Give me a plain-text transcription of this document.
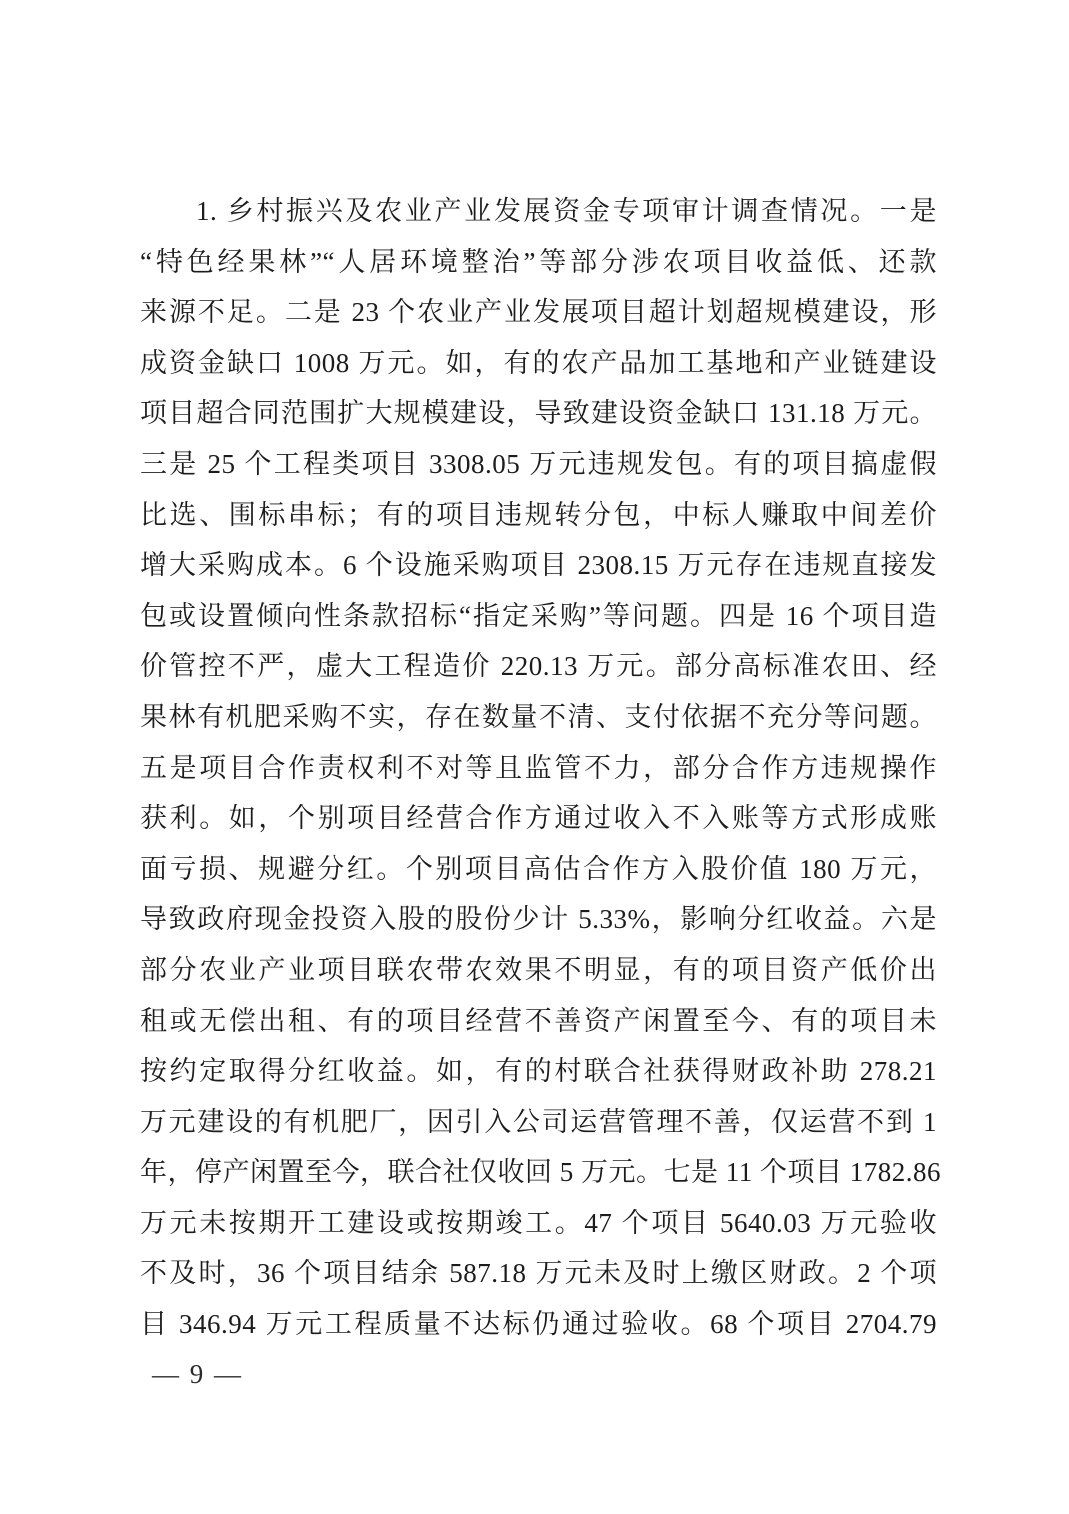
1. 乡村振兴及农业产业发展资金专项审计调查情况。一是
“特色经果林”“人居环境整治”等部分涉农项目收益低、还款
来源不足。二是 23 个农业产业发展项目超计划超规模建设，形
成资金缺口 1008 万元。如，有的农产品加工基地和产业链建设
项目超合同范围扩大规模建设，导致建设资金缺口 131.18 万元。
三是 25 个工程类项目 3308.05 万元违规发包。有的项目搞虚假
比选、围标串标；有的项目违规转分包，中标人赚取中间差价
增大采购成本。6 个设施采购项目 2308.15 万元存在违规直接发
包或设置倾向性条款招标“指定采购”等问题。四是 16 个项目造
价管控不严，虚大工程造价 220.13 万元。部分高标准农田、经
果林有机肥采购不实，存在数量不清、支付依据不充分等问题。
五是项目合作责权利不对等且监管不力，部分合作方违规操作
获利。如，个别项目经营合作方通过收入不入账等方式形成账
面亏损、规避分红。个别项目高估合作方入股价值 180 万元，
导致政府现金投资入股的股份少计 5.33%，影响分红收益。六是
部分农业产业项目联农带农效果不明显，有的项目资产低价出
租或无偿出租、有的项目经营不善资产闲置至今、有的项目未
按约定取得分红收益。如，有的村联合社获得财政补助 278.21
万元建设的有机肥厂，因引入公司运营管理不善，仅运营不到 1
年，停产闲置至今，联合社仅收回 5 万元。七是 11 个项目 1782.86
万元未按期开工建设或按期竣工。47 个项目 5640.03 万元验收
不及时，36 个项目结余 587.18 万元未及时上缴区财政。2 个项
目 346.94 万元工程质量不达标仍通过验收。68 个项目 2704.79
— 9 —
